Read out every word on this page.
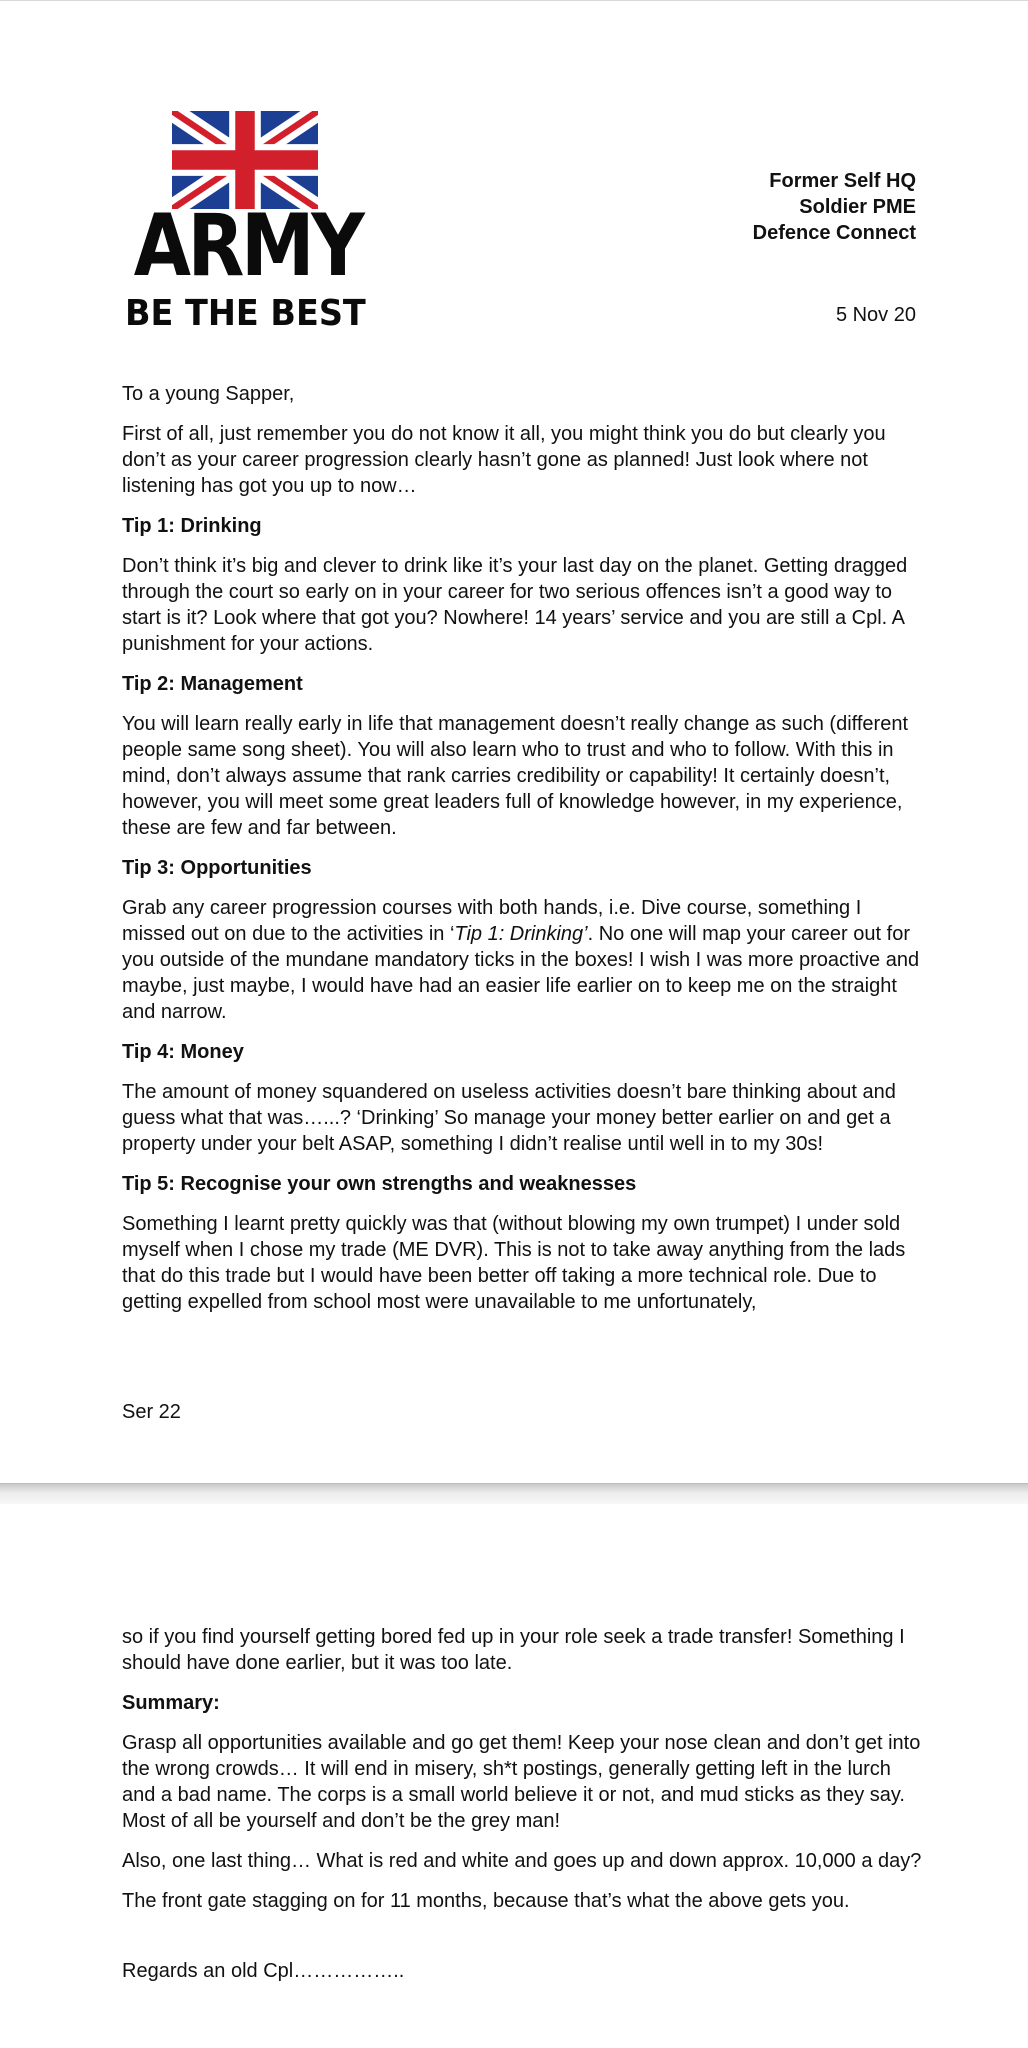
ARMY
BE THE BEST
Former Self HQ
Soldier PME
Defence Connect
5 Nov 20

To a young Sapper,

First of all, just remember you do not know it all, you might think you do but clearly you don’t as your career progression clearly hasn’t gone as planned! Just look where not listening has got you up to now…

Tip 1: Drinking

Don’t think it’s big and clever to drink like it’s your last day on the planet. Getting dragged through the court so early on in your career for two serious offences isn’t a good way to start is it? Look where that got you? Nowhere! 14 years’ service and you are still a Cpl. A punishment for your actions.

Tip 2: Management

You will learn really early in life that management doesn’t really change as such (different people same song sheet). You will also learn who to trust and who to follow. With this in mind, don’t always assume that rank carries credibility or capability! It certainly doesn’t, however, you will meet some great leaders full of knowledge however, in my experience, these are few and far between.

Tip 3: Opportunities

Grab any career progression courses with both hands, i.e. Dive course, something I missed out on due to the activities in ‘Tip 1: Drinking’. No one will map your career out for you outside of the mundane mandatory ticks in the boxes! I wish I was more proactive and maybe, just maybe, I would have had an easier life earlier on to keep me on the straight and narrow.

Tip 4: Money

The amount of money squandered on useless activities doesn’t bare thinking about and guess what that was…...? ‘Drinking’ So manage your money better earlier on and get a property under your belt ASAP, something I didn’t realise until well in to my 30s!

Tip 5: Recognise your own strengths and weaknesses

Something I learnt pretty quickly was that (without blowing my own trumpet) I under sold myself when I chose my trade (ME DVR). This is not to take away anything from the lads that do this trade but I would have been better off taking a more technical role. Due to getting expelled from school most were unavailable to me unfortunately,

Ser 22

so if you find yourself getting bored fed up in your role seek a trade transfer! Something I should have done earlier, but it was too late.

Summary:

Grasp all opportunities available and go get them! Keep your nose clean and don’t get into the wrong crowds… It will end in misery, sh*t postings, generally getting left in the lurch and a bad name. The corps is a small world believe it or not, and mud sticks as they say. Most of all be yourself and don’t be the grey man!

Also, one last thing… What is red and white and goes up and down approx. 10,000 a day?

The front gate stagging on for 11 months, because that’s what the above gets you.

Regards an old Cpl……………..
